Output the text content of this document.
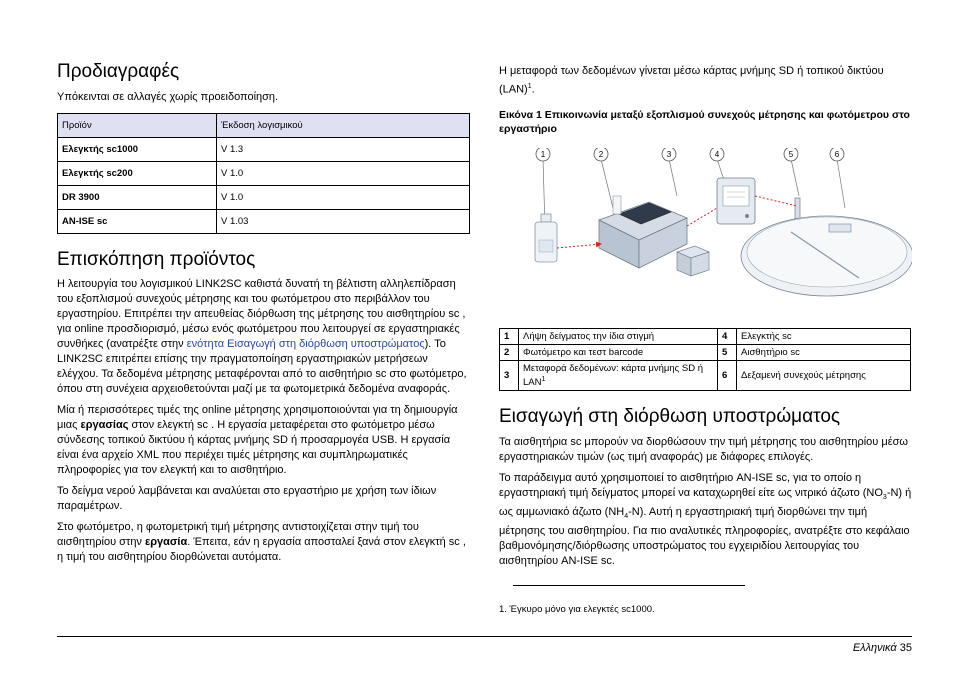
Προδιαγραφές

Υπόκεινται σε αλλαγές χωρίς προειδοποίηση.

Προϊόν	Έκδοση λογισμικού
Ελεγκτής sc1000	V 1.3
Ελεγκτής sc200	V 1.0
DR 3900	V 1.0
AN-ISE sc	V 1.03
Επισκόπηση προϊόντος

Η λειτουργία του λογισμικού LINK2SC καθιστά δυνατή τη βέλτιστη αλληλεπίδραση του εξοπλισμού συνεχούς μέτρησης και του φωτόμετρου στο περιβάλλον του εργαστηρίου. Επιτρέπει την απευθείας διόρθωση της μέτρησης του αισθητηρίου sc , για online προσδιορισμό, μέσω ενός φωτόμετρου που λειτουργεί σε εργαστηριακές συνθήκες (ανατρέξτε στην ενότητα Εισαγωγή στη διόρθωση υποστρώματος). Το LINK2SC επιτρέπει επίσης την πραγματοποίηση εργαστηριακών μετρήσεων ελέγχου. Τα δεδομένα μέτρησης μεταφέρονται από το αισθητήριο sc στο φωτόμετρο, όπου στη συνέχεια αρχειοθετούνται μαζί με τα φωτομετρικά δεδομένα αναφοράς.

Μία ή περισσότερες τιμές της online μέτρησης χρησιμοποιούνται για τη δημιουργία μιας εργασίας στον ελεγκτή sc . Η εργασία μεταφέρεται στο φωτόμετρο μέσω σύνδεσης τοπικού δικτύου ή κάρτας μνήμης SD ή προσαρμογέα USB. Η εργασία είναι ένα αρχείο XML που περιέχει τιμές μέτρησης και συμπληρωματικές πληροφορίες για τον ελεγκτή και το αισθητήριο.

Το δείγμα νερού λαμβάνεται και αναλύεται στο εργαστήριο με χρήση των ίδιων παραμέτρων.

Στο φωτόμετρο, η φωτομετρική τιμή μέτρησης αντιστοιχίζεται στην τιμή του αισθητηρίου στην εργασία. Έπειτα, εάν η εργασία αποσταλεί ξανά στον ελεγκτή sc , η τιμή του αισθητηρίου διορθώνεται αυτόματα.

Η μεταφορά των δεδομένων γίνεται μέσω κάρτας μνήμης SD ή τοπικού δικτύου (LAN)$^1$.

Εικόνα 1 Επικοινωνία μεταξύ εξοπλισμού συνεχούς μέτρησης και φωτόμετρου στο εργαστήριο

1	2	3	4	5	6
1	Λήψη δείγματος την ίδια στιγμή	4	Ελεγκτής sc
2	Φωτόμετρο και τεστ barcode	5	Αισθητήριο sc
3	Μεταφορά δεδομένων: κάρτα μνήμης SD ή LAN$^1$	6	Δεξαμενή συνεχούς μέτρησης
Εισαγωγή στη διόρθωση υποστρώματος

Τα αισθητήρια sc μπορούν να διορθώσουν την τιμή μέτρησης του αισθητηρίου μέσω εργαστηριακών τιμών (ως τιμή αναφοράς) με διάφορες επιλογές.

Το παράδειγμα αυτό χρησιμοποιεί το αισθητήριο AN-ISE sc, για το οποίο η εργαστηριακή τιμή δείγματος μπορεί να καταχωρηθεί είτε ως νιτρικό άζωτο $(NO_3-N)$ ή ως αμμωνιακό άζωτο $(NH_4-N)$. Αυτή η εργαστηριακή τιμή διορθώνει την τιμή μέτρησης του αισθητηρίου. Για πιο αναλυτικές πληροφορίες, ανατρέξτε στο κεφάλαιο βαθμονόμησης/διόρθωσης υποστρώματος του εγχειριδίου λειτουργίας του αισθητηρίου AN-ISE sc.

1. Έγκυρο μόνο για ελεγκτές sc1000.
Ελληνικά 35
